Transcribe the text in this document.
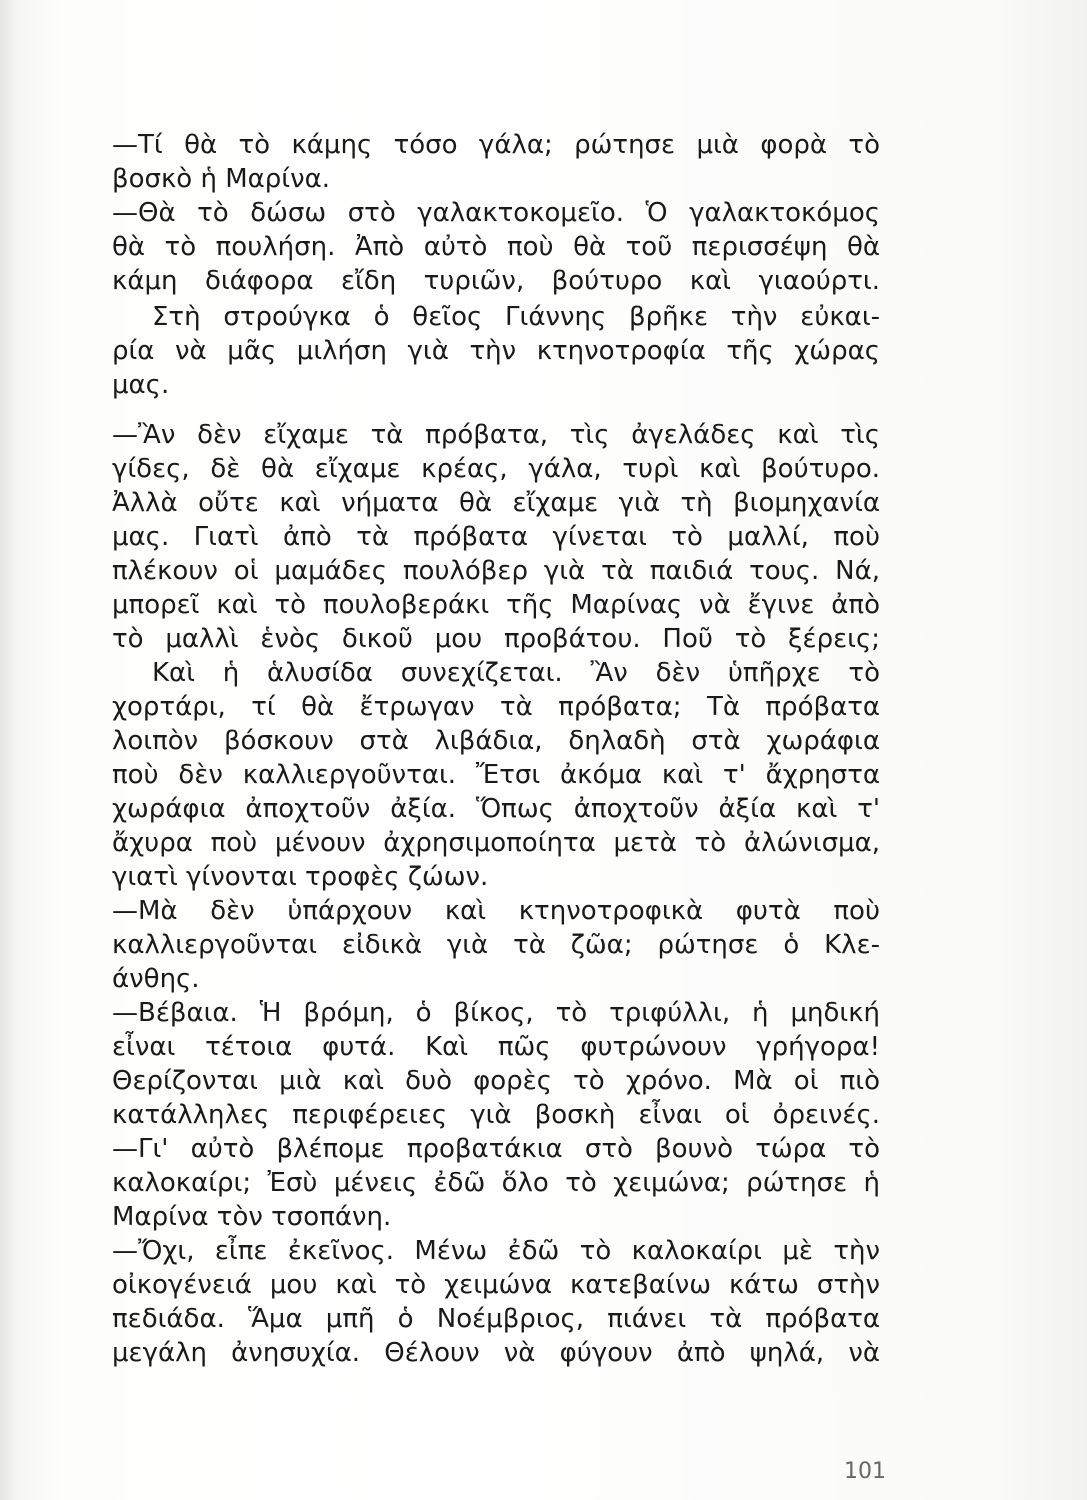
—Τί θὰ τὸ κάμης τόσο γάλα; ρώτησε μιὰ φορὰ τὸ
βοσκὸ ἡ Μαρίνα.
—Θὰ τὸ δώσω στὸ γαλακτοκομεῖο. Ὁ γαλακτοκόμος
θὰ τὸ πουλήση. Ἀπὸ αὐτὸ ποὺ θὰ τοῦ περισσέψη θὰ
κάμη διάφορα εἴδη τυριῶν, βούτυρο καὶ γιαούρτι.
Στὴ στρούγκα ὁ θεῖος Γιάννης βρῆκε τὴν εὐκαι-
ρία νὰ μᾶς μιλήση γιὰ τὴν κτηνοτροφία τῆς χώρας
μας.
—Ἂν δὲν εἴχαμε τὰ πρόβατα, τὶς ἀγελάδες καὶ τὶς
γίδες, δὲ θὰ εἴχαμε κρέας, γάλα, τυρὶ καὶ βούτυρο.
Ἀλλὰ οὔτε καὶ νήματα θὰ εἴχαμε γιὰ τὴ βιομηχανία
μας. Γιατὶ ἀπὸ τὰ πρόβατα γίνεται τὸ μαλλί, ποὺ
πλέκουν οἱ μαμάδες πουλόβερ γιὰ τὰ παιδιά τους. Νά,
μπορεῖ καὶ τὸ πουλοβεράκι τῆς Μαρίνας νὰ ἔγινε ἀπὸ
τὸ μαλλὶ ἑνὸς δικοῦ μου προβάτου. Ποῦ τὸ ξέρεις;
Καὶ ἡ ἁλυσίδα συνεχίζεται. Ἂν δὲν ὑπῆρχε τὸ
χορτάρι, τί θὰ ἔτρωγαν τὰ πρόβατα; Τὰ πρόβατα
λοιπὸν βόσκουν στὰ λιβάδια, δηλαδὴ στὰ χωράφια
ποὺ δὲν καλλιεργοῦνται. Ἔτσι ἀκόμα καὶ τ' ἄχρηστα
χωράφια ἀποχτοῦν ἀξία. Ὅπως ἀποχτοῦν ἀξία καὶ τ'
ἄχυρα ποὺ μένουν ἀχρησιμοποίητα μετὰ τὸ ἀλώνισμα,
γιατὶ γίνονται τροφὲς ζώων.
—Μὰ δὲν ὑπάρχουν καὶ κτηνοτροφικὰ φυτὰ ποὺ
καλλιεργοῦνται εἰδικὰ γιὰ τὰ ζῶα; ρώτησε ὁ Κλε-
άνθης.
—Βέβαια. Ἡ βρόμη, ὁ βίκος, τὸ τριφύλλι, ἡ μηδική
εἶναι τέτοια φυτά. Καὶ πῶς φυτρώνουν γρήγορα!
Θερίζονται μιὰ καὶ δυὸ φορὲς τὸ χρόνο. Μὰ οἱ πιὸ
κατάλληλες περιφέρειες γιὰ βοσκὴ εἶναι οἱ ὀρεινές.
—Γι' αὐτὸ βλέπομε προβατάκια στὸ βουνὸ τώρα τὸ
καλοκαίρι; Ἐσὺ μένεις ἐδῶ ὅλο τὸ χειμώνα; ρώτησε ἡ
Μαρίνα τὸν τσοπάνη.
—Ὄχι, εἶπε ἐκεῖνος. Μένω ἐδῶ τὸ καλοκαίρι μὲ τὴν
οἰκογένειά μου καὶ τὸ χειμώνα κατεβαίνω κάτω στὴν
πεδιάδα. Ἅμα μπῆ ὁ Νοέμβριος, πιάνει τὰ πρόβατα
μεγάλη ἀνησυχία. Θέλουν νὰ φύγουν ἀπὸ ψηλά, νὰ
101
